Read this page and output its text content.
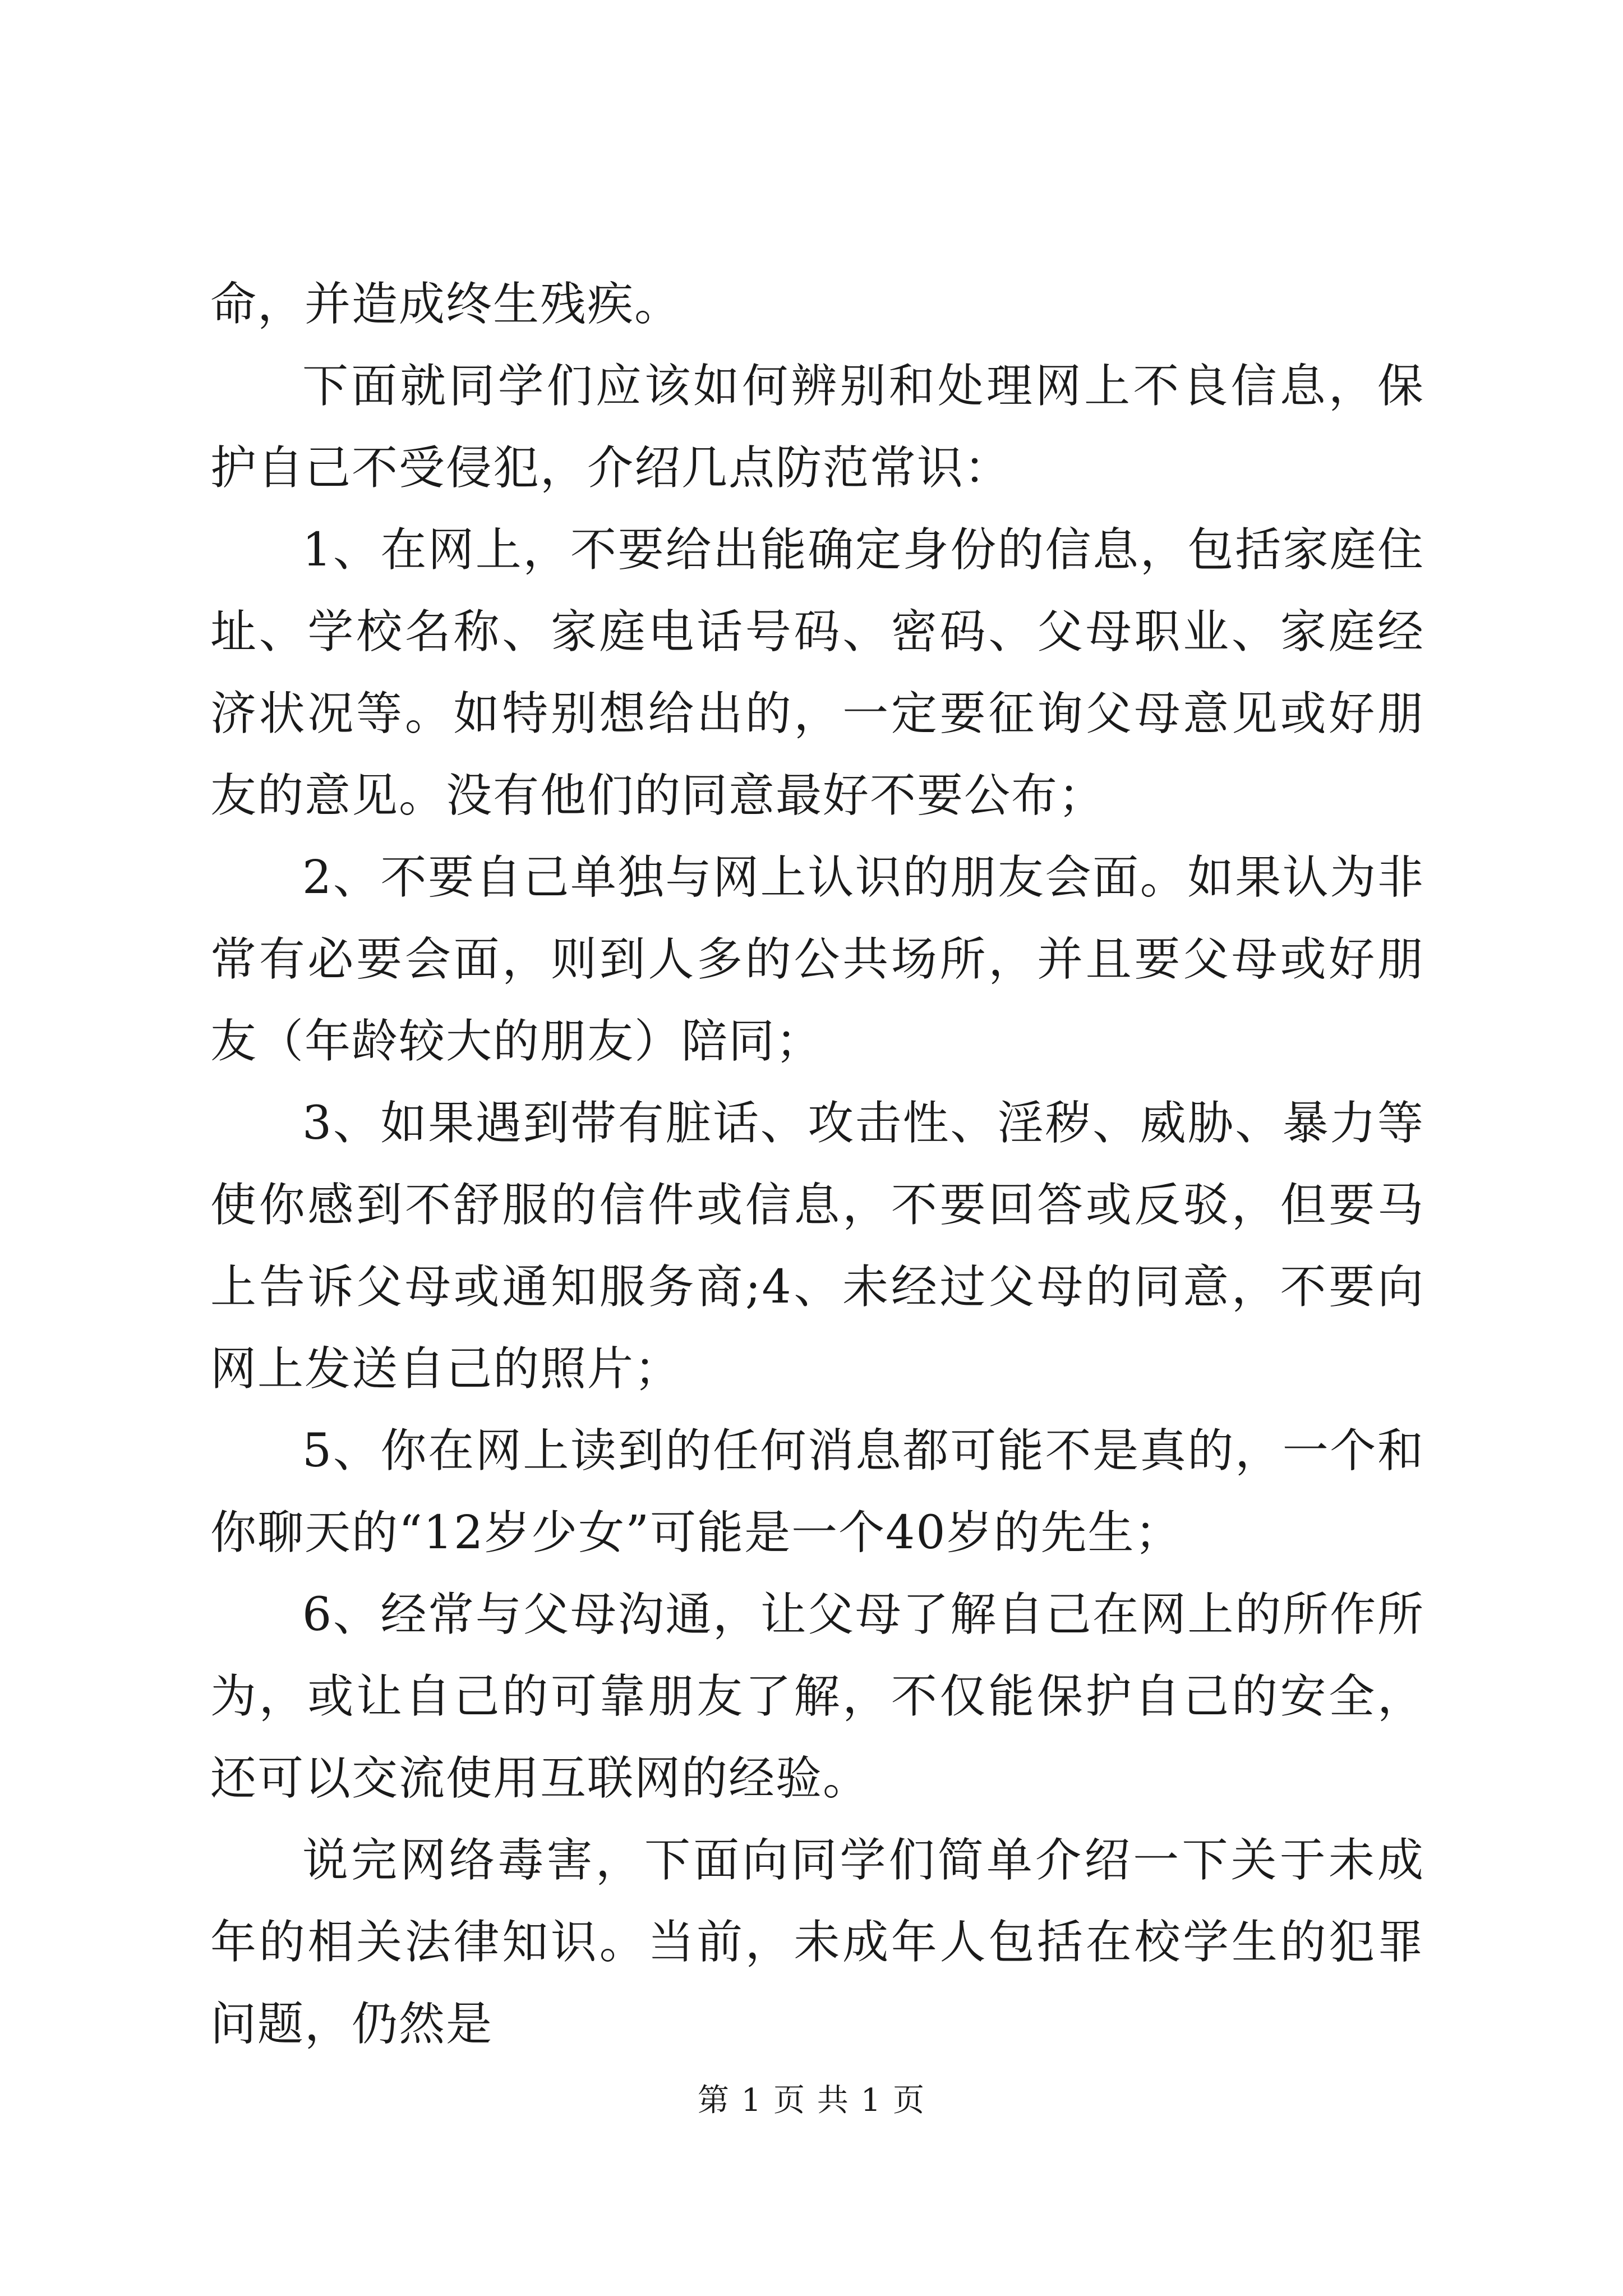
命，并造成终生残疾。

下面就同学们应该如何辨别和处理网上不良信息，保护自己不受侵犯，介绍几点防范常识：

1、在网上，不要给出能确定身份的信息，包括家庭住址、学校名称、家庭电话号码、密码、父母职业、家庭经济状况等。如特别想给出的，一定要征询父母意见或好朋友的意见。没有他们的同意最好不要公布；

2、不要自己单独与网上认识的朋友会面。如果认为非常有必要会面，则到人多的公共场所，并且要父母或好朋友（年龄较大的朋友）陪同；

3、如果遇到带有脏话、攻击性、淫秽、威胁、暴力等使你感到不舒服的信件或信息，不要回答或反驳，但要马上告诉父母或通知服务商;4、未经过父母的同意，不要向网上发送自己的照片；

5、你在网上读到的任何消息都可能不是真的，一个和你聊天的“12岁少女”可能是一个40岁的先生；

6、经常与父母沟通，让父母了解自己在网上的所作所为，或让自己的可靠朋友了解，不仅能保护自己的安全，还可以交流使用互联网的经验。

说完网络毒害，下面向同学们简单介绍一下关于未成年的相关法律知识。当前，未成年人包括在校学生的犯罪问题，仍然是

第 1 页 共 1 页
